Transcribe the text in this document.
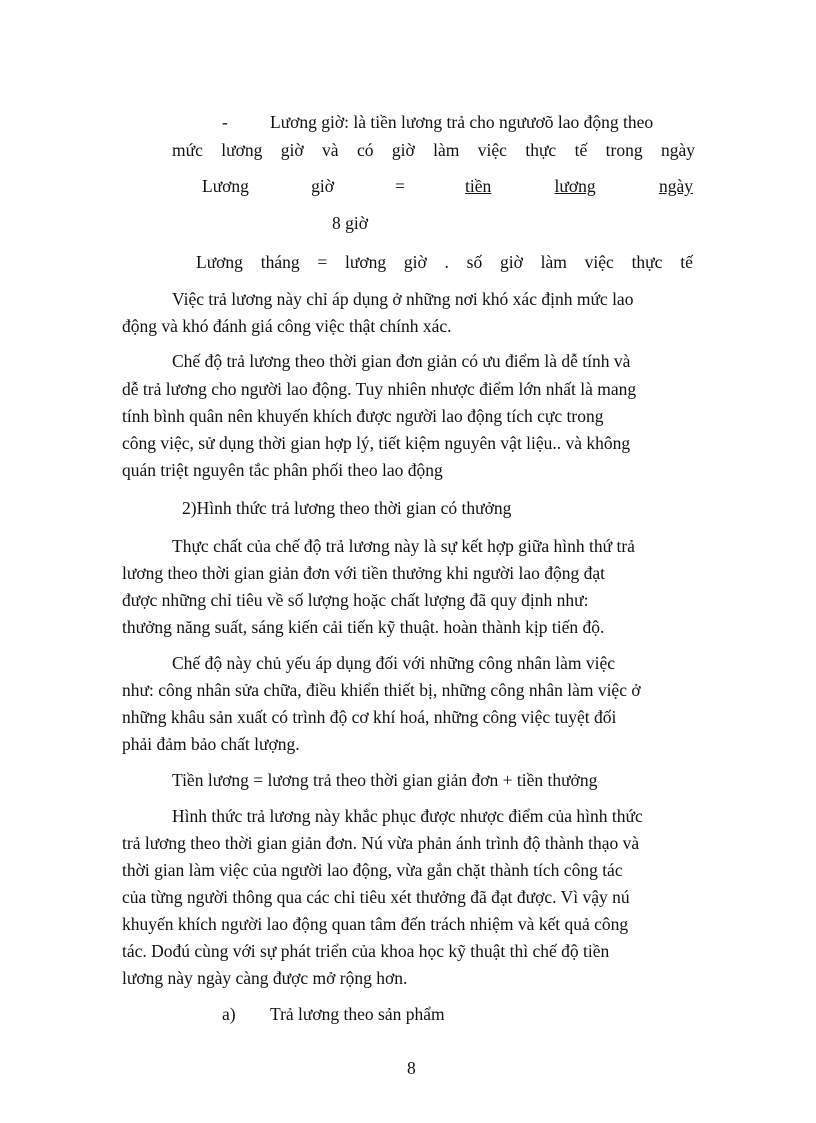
- Lương giờ: là tiền lương trả cho ngưươõ lao động theo
mức lương giờ và có giờ làm việc thực tế trong ngày
Lương	giờ	=	tiền	lương	ngày
8 giờ
Lương tháng = lương giờ . số giờ làm việc thực tế
Việc trả lương này chỉ áp dụng ở những nơi khó xác định mức lao
động và khó đánh giá công việc thật chính xác.
Chế độ trả lương theo thời gian đơn giản có ưu điểm là dễ tính và
dễ trả lương cho người lao động. Tuy nhiên nhược điểm lớn nhất là mang
tính bình quân nên khuyến khích được người lao động tích cực trong
công việc, sử dụng thời gian hợp lý, tiết kiệm nguyên vật liệu.. và không
quán triệt nguyên tắc phân phối theo lao động
2)Hình thức trả lương theo thời gian có thưởng
Thực chất của chế độ trả lương này là sự kết hợp giữa hình thứ trả
lương theo thời gian giản đơn với tiền thưởng khi người lao động đạt
được những chỉ tiêu về số lượng hoặc chất lượng đã quy định như:
thưởng năng suất, sáng kiến cải tiến kỹ thuật. hoàn thành kịp tiến độ.
Chế độ này chủ yếu áp dụng đối với những công nhân làm việc
như: công nhân sửa chữa, điều khiển thiết bị, những công nhân làm việc ở
những khâu sản xuất có trình độ cơ khí hoá, những công việc tuyệt đối
phải đảm bảo chất lượng.
Tiền lương = lương trả theo thời gian giản đơn + tiền thưởng
Hình thức trả lương này khắc phục được nhược điểm của hình thức
trả lương theo thời gian giản đơn. Nú vừa phản ánh trình độ thành thạo và
thời gian làm việc của người lao động, vừa gắn chặt thành tích công tác
của từng người thông qua các chỉ tiêu xét thưởng đã đạt được. Vì vậy nú
khuyến khích người lao động quan tâm đến trách nhiệm và kết quả công
tác. Dođú cùng với sự phát triển của khoa học kỹ thuật thì chế độ tiền
lương này ngày càng được mở rộng hơn.
a) Trả lương theo sản phẩm
8
